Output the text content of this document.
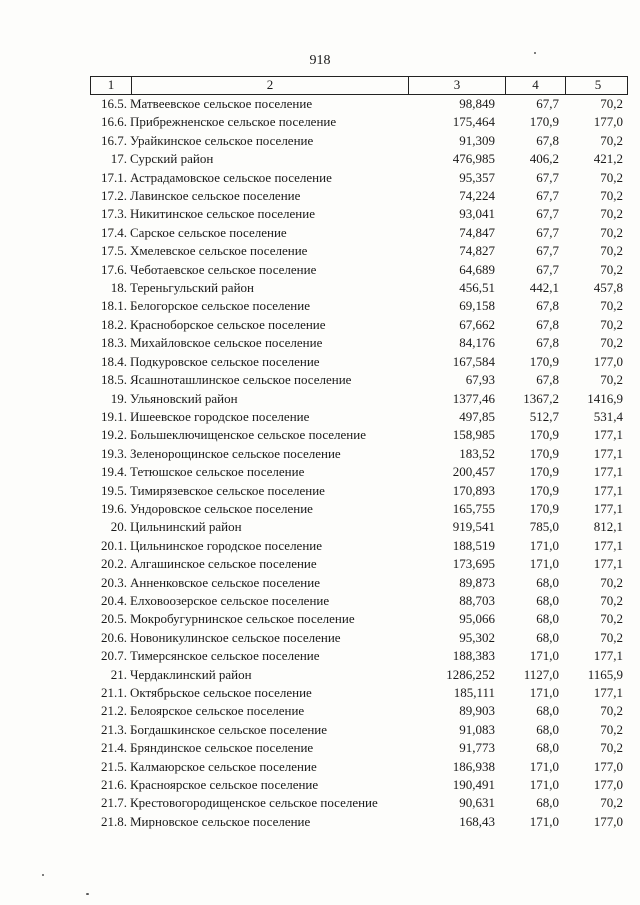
918
1	2	3	4	5
16.5. Матвеевское сельское поселение	98,849	67,7	70,2
16.6. Прибрежненское сельское поселение	175,464	170,9	177,0
16.7. Урайкинское сельское поселение	91,309	67,8	70,2
17. Сурский район	476,985	406,2	421,2
17.1. Астрадамовское сельское поселение	95,357	67,7	70,2
17.2. Лавинское сельское поселение	74,224	67,7	70,2
17.3. Никитинское сельское поселение	93,041	67,7	70,2
17.4. Сарское сельское поселение	74,847	67,7	70,2
17.5. Хмелевское сельское поселение	74,827	67,7	70,2
17.6. Чеботаевское сельское поселение	64,689	67,7	70,2
18. Тереньгульский район	456,51	442,1	457,8
18.1. Белогорское сельское поселение	69,158	67,8	70,2
18.2. Красноборское сельское поселение	67,662	67,8	70,2
18.3. Михайловское сельское поселение	84,176	67,8	70,2
18.4. Подкуровское сельское поселение	167,584	170,9	177,0
18.5. Ясашноташлинское сельское поселение	67,93	67,8	70,2
19. Ульяновский район	1377,46	1367,2	1416,9
19.1. Ишеевское городское поселение	497,85	512,7	531,4
19.2. Большеключищенское сельское поселение	158,985	170,9	177,1
19.3. Зеленорощинское сельское поселение	183,52	170,9	177,1
19.4. Тетюшское сельское поселение	200,457	170,9	177,1
19.5. Тимирязевское сельское поселение	170,893	170,9	177,1
19.6. Ундоровское сельское поселение	165,755	170,9	177,1
20. Цильнинский район	919,541	785,0	812,1
20.1. Цильнинское городское поселение	188,519	171,0	177,1
20.2. Алгашинское сельское поселение	173,695	171,0	177,1
20.3. Анненковское сельское поселение	89,873	68,0	70,2
20.4. Елховоозерское сельское поселение	88,703	68,0	70,2
20.5. Мокробугурнинское сельское поселение	95,066	68,0	70,2
20.6. Новоникулинское сельское поселение	95,302	68,0	70,2
20.7. Тимерсянское сельское поселение	188,383	171,0	177,1
21. Чердаклинский район	1286,252	1127,0	1165,9
21.1. Октябрьское сельское поселение	185,111	171,0	177,1
21.2. Белоярское сельское поселение	89,903	68,0	70,2
21.3. Богдашкинское сельское поселение	91,083	68,0	70,2
21.4. Бряндинское сельское поселение	91,773	68,0	70,2
21.5. Калмаюрское сельское поселение	186,938	171,0	177,0
21.6. Красноярское сельское поселение	190,491	171,0	177,0
21.7. Крестовогородищенское сельское поселение	90,631	68,0	70,2
21.8. Мирновское сельское поселение	168,43	171,0	177,0
